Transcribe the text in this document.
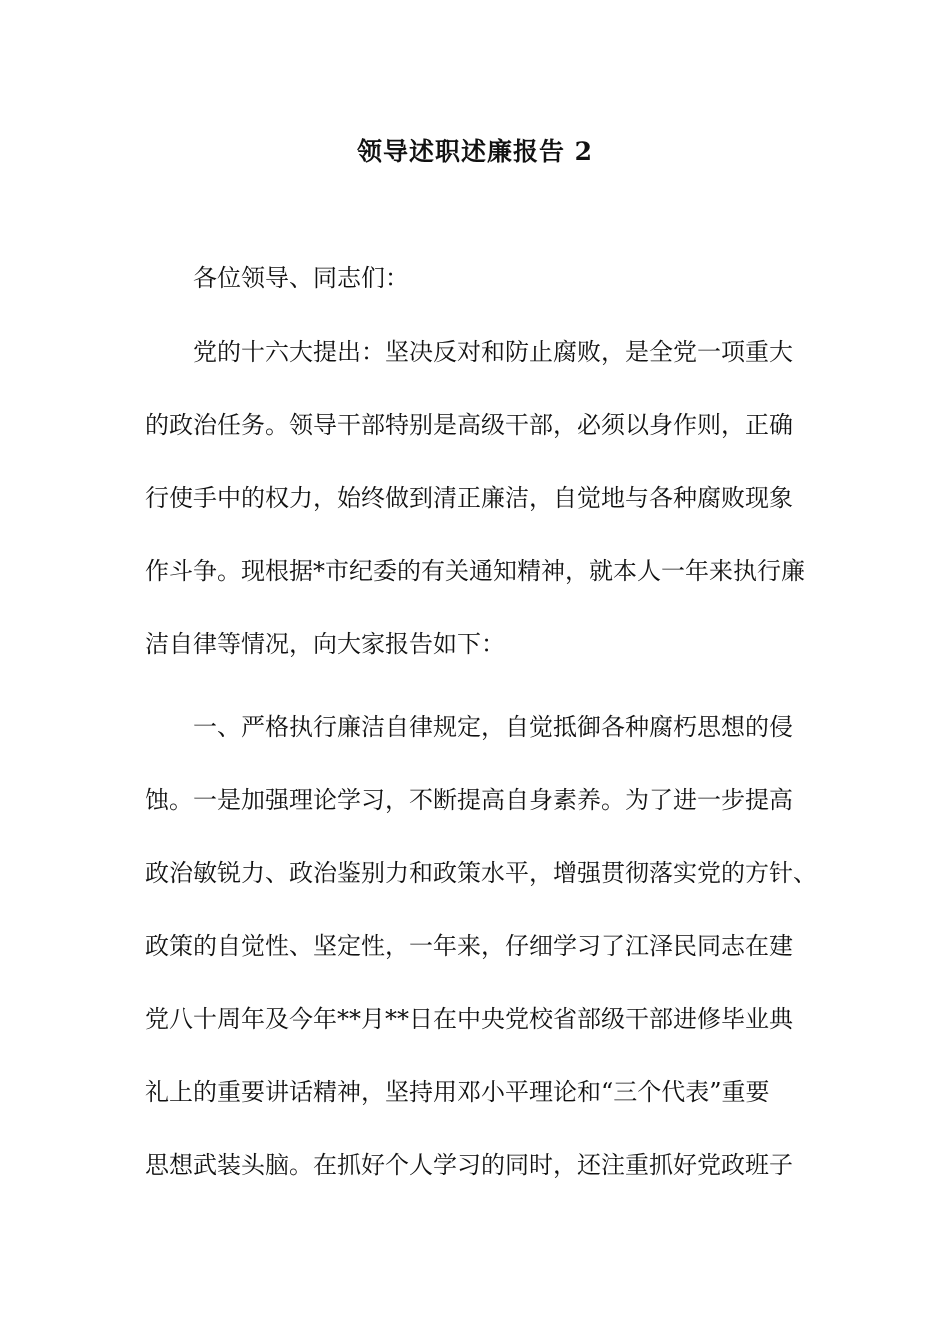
领导述职述廉报告 2
各位领导、同志们：
党的十六大提出：坚决反对和防止腐败，是全党一项重大
的政治任务。领导干部特别是高级干部，必须以身作则，正确
行使手中的权力，始终做到清正廉洁，自觉地与各种腐败现象
作斗争。现根据*市纪委的有关通知精神，就本人一年来执行廉
洁自律等情况，向大家报告如下：
一、严格执行廉洁自律规定，自觉抵御各种腐朽思想的侵
蚀。一是加强理论学习，不断提高自身素养。为了进一步提高
政治敏锐力、政治鉴别力和政策水平，增强贯彻落实党的方针、
政策的自觉性、坚定性，一年来，仔细学习了江泽民同志在建
党八十周年及今年**月**日在中央党校省部级干部进修毕业典
礼上的重要讲话精神，坚持用邓小平理论和“三个代表”重要
思想武装头脑。在抓好个人学习的同时，还注重抓好党政班子
